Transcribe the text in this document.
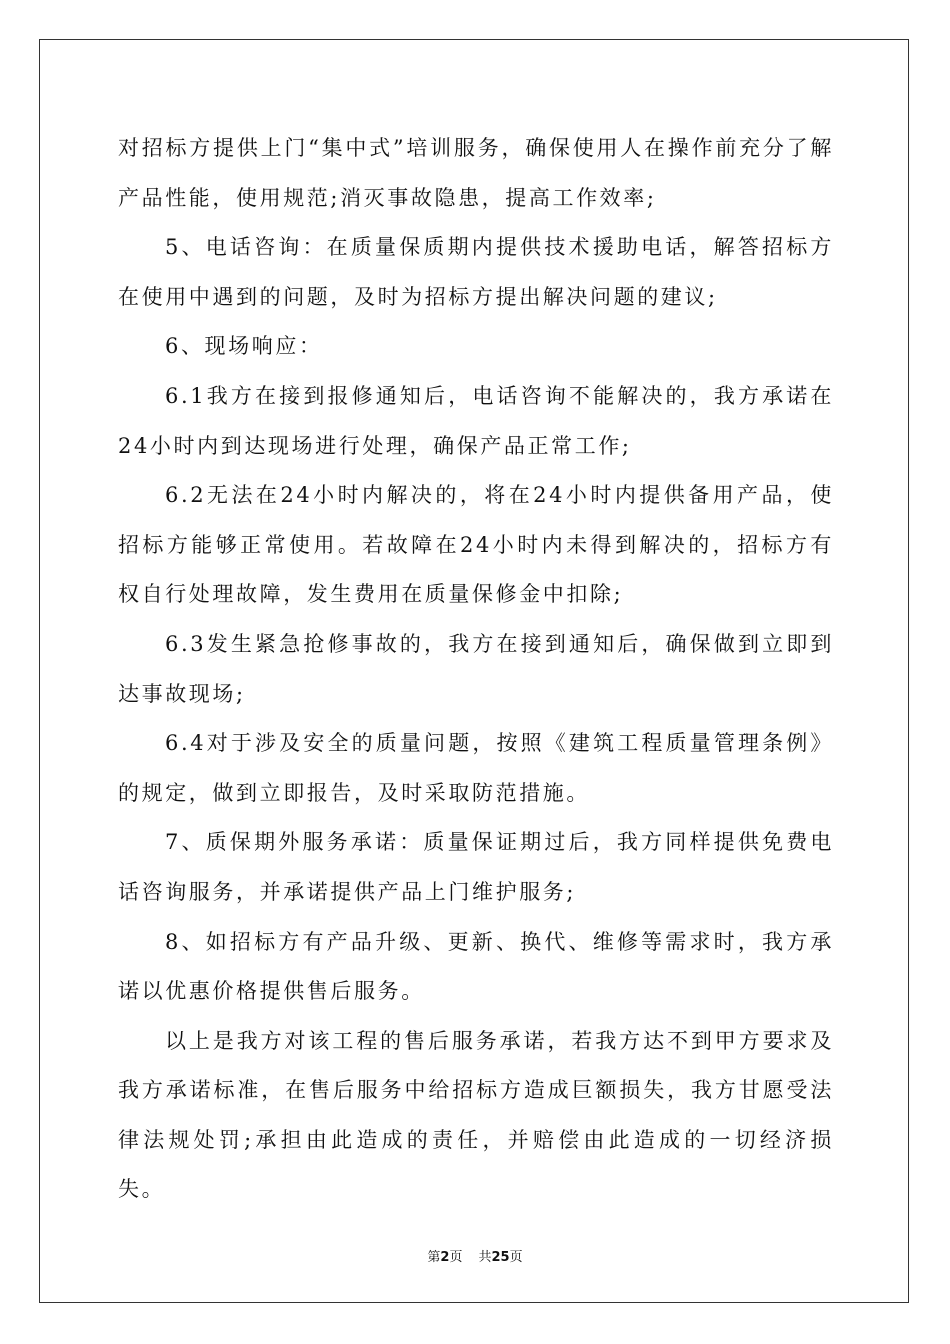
对招标方提供上门“集中式”培训服务，确保使用人在操作前充分了解产品性能，使用规范;消灭事故隐患，提高工作效率;

5、电话咨询：在质量保质期内提供技术援助电话，解答招标方在使用中遇到的问题，及时为招标方提出解决问题的建议;

6、现场响应：

6.1我方在接到报修通知后，电话咨询不能解决的，我方承诺在24小时内到达现场进行处理，确保产品正常工作;

6.2无法在24小时内解决的，将在24小时内提供备用产品，使招标方能够正常使用。若故障在24小时内未得到解决的，招标方有权自行处理故障，发生费用在质量保修金中扣除;

6.3发生紧急抢修事故的，我方在接到通知后，确保做到立即到达事故现场;

6.4对于涉及安全的质量问题，按照《建筑工程质量管理条例》的规定，做到立即报告，及时采取防范措施。

7、质保期外服务承诺：质量保证期过后，我方同样提供免费电话咨询服务，并承诺提供产品上门维护服务;

8、如招标方有产品升级、更新、换代、维修等需求时，我方承诺以优惠价格提供售后服务。

以上是我方对该工程的售后服务承诺，若我方达不到甲方要求及我方承诺标准，在售后服务中给招标方造成巨额损失，我方甘愿受法律法规处罚;承担由此造成的责任，并赔偿由此造成的一切经济损失。

第2页 共25页
